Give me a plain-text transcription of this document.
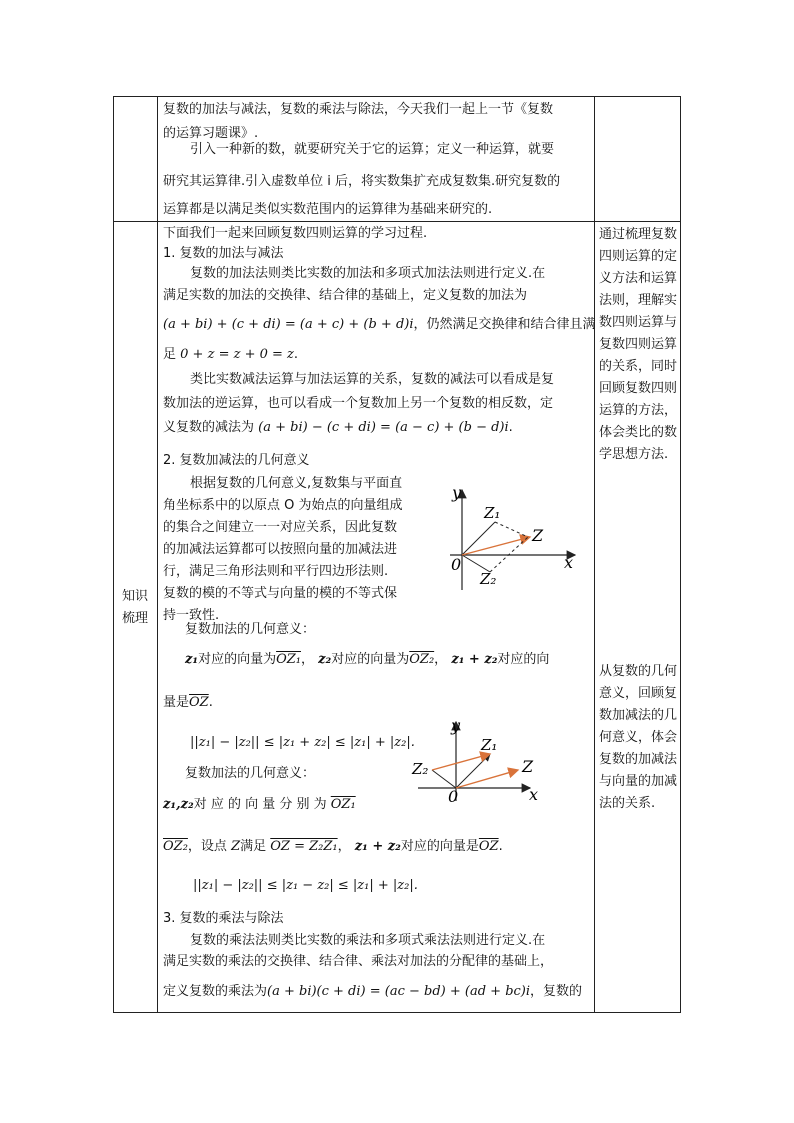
复数的加法与减法，复数的乘法与除法，今天我们一起上一节《复数
的运算习题课》.
引入一种新的数，就要研究关于它的运算；定义一种运算，就要
研究其运算律.引入虚数单位 i 后，将实数集扩充成复数集.研究复数的
运算都是以满足类似实数范围内的运算律为基础来研究的.
知识
梳理
下面我们一起来回顾复数四则运算的学习过程.
1. 复数的加法与减法
复数的加法法则类比实数的加法和多项式加法法则进行定义.在
满足实数的加法的交换律、结合律的基础上，定义复数的加法为
(a + bi) + (c + di) = (a + c) + (b + d)i，仍然满足交换律和结合律且满
足 0 + z = z + 0 = z.
类比实数减法运算与加法运算的关系，复数的减法可以看成是复
数加法的逆运算，也可以看成一个复数加上另一个复数的相反数，定
义复数的减法为 (a + bi) − (c + di) = (a − c) + (b − d)i.
2. 复数加减法的几何意义
根据复数的几何意义,复数集与平面直
角坐标系中的以原点 O 为始点的向量组成
的集合之间建立一一对应关系，因此复数
的加减法运算都可以按照向量的加减法进
行，满足三角形法则和平行四边形法则.
复数的模的不等式与向量的模的不等式保
持一致性.
y
x
0
Z₁
Z₂
Z
复数加法的几何意义：
z₁对应的向量为OZ₁， z₂对应的向量为OZ₂， z₁ + z₂对应的向
量是$\overline{OZ}$.
||z₁| − |z₂|| ≤ |z₁ + z₂| ≤ |z₁| + |z₂|.
y
x
0
Z₁
Z₂	Z
复数加法的几何意义：
z₁,z₂对 应 的 向 量 分 别 为 OZ₁
OZ₂，设点 Z满足 OZ = Z₂Z₁， z₁ + z₂对应的向量是$\overline{OZ}$.
||z₁| − |z₂|| ≤ |z₁ − z₂| ≤ |z₁| + |z₂|.
3. 复数的乘法与除法
复数的乘法法则类比实数的乘法和多项式乘法法则进行定义.在
满足实数的乘法的交换律、结合律、乘法对加法的分配律的基础上，
定义复数的乘法为(a + bi)(c + di) = (ac − bd) + (ad + bc)i，复数的
通过梳理复数四则运算的定义方法和运算法则，理解实数四则运算与复数四则运算的关系，同时回顾复数四则运算的方法，体会类比的数学思想方法.
从复数的几何意义，回顾复数加减法的几何意义，体会复数的加减法与向量的加减法的关系.
